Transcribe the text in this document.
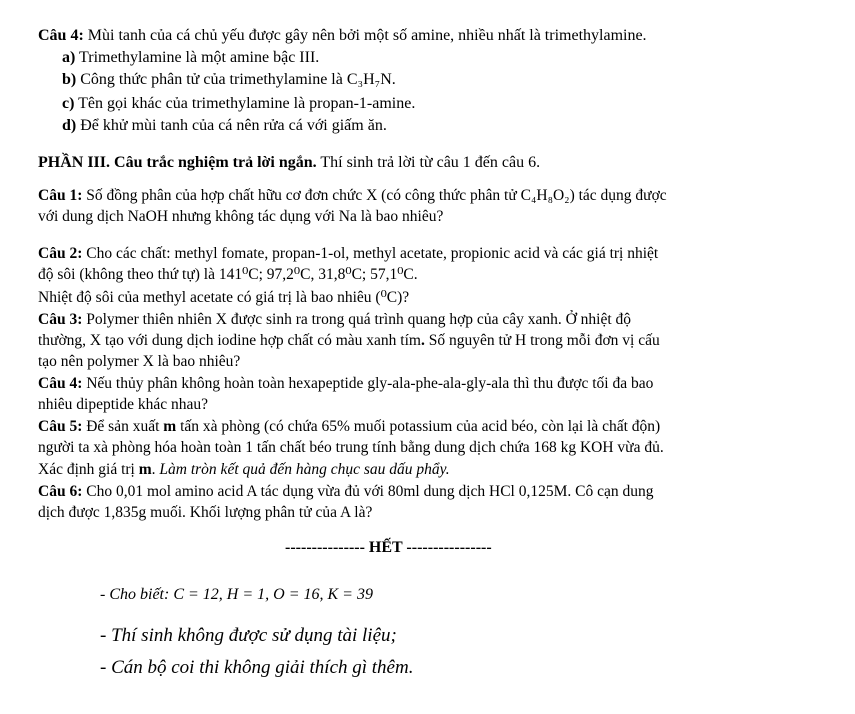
Câu 4: Mùi tanh của cá chủ yếu được gây nên bởi một số amine, nhiều nhất là trimethylamine.
a) Trimethylamine là một amine bậc III.
b) Công thức phân tử của trimethylamine là C₃H₇N.
c) Tên gọi khác của trimethylamine là propan-1-amine.
d) Để khử mùi tanh của cá nên rửa cá với giấm ăn.
PHẦN III. Câu trắc nghiệm trả lời ngắn. Thí sinh trả lời từ câu 1 đến câu 6.
Câu 1: Số đồng phân của hợp chất hữu cơ đơn chức X (có công thức phân tử C₄H₈O₂) tác dụng được
với dung dịch NaOH nhưng không tác dụng với Na là bao nhiêu?
Câu 2: Cho các chất: methyl fomate, propan-1-ol, methyl acetate, propionic acid và các giá trị nhiệt
độ sôi (không theo thứ tự) là 141⁰C; 97,2⁰C, 31,8⁰C; 57,1⁰C.
Nhiệt độ sôi của methyl acetate có giá trị là bao nhiêu (⁰C)?
Câu 3: Polymer thiên nhiên X được sinh ra trong quá trình quang hợp của cây xanh. Ở nhiệt độ
thường, X tạo với dung dịch iodine hợp chất có màu xanh tím. Số nguyên tử H trong mỗi đơn vị cấu
tạo nên polymer X là bao nhiêu?
Câu 4: Nếu thủy phân không hoàn toàn hexapeptide gly-ala-phe-ala-gly-ala thì thu được tối đa bao
nhiêu dipeptide khác nhau?
Câu 5: Để sản xuất m tấn xà phòng (có chứa 65% muối potassium của acid béo, còn lại là chất độn)
người ta xà phòng hóa hoàn toàn 1 tấn chất béo trung tính bằng dung dịch chứa 168 kg KOH vừa đủ.
Xác định giá trị m. Làm tròn kết quả đến hàng chục sau dấu phẩy.
Câu 6: Cho 0,01 mol amino acid A tác dụng vừa đủ với 80ml dung dịch HCl 0,125M. Cô cạn dung
dịch được 1,835g muối. Khối lượng phân tử của A là?
--------------- HẾT ----------------
- Cho biết: C = 12, H = 1, O = 16, K = 39
- Thí sinh không được sử dụng tài liệu;
- Cán bộ coi thi không giải thích gì thêm.
